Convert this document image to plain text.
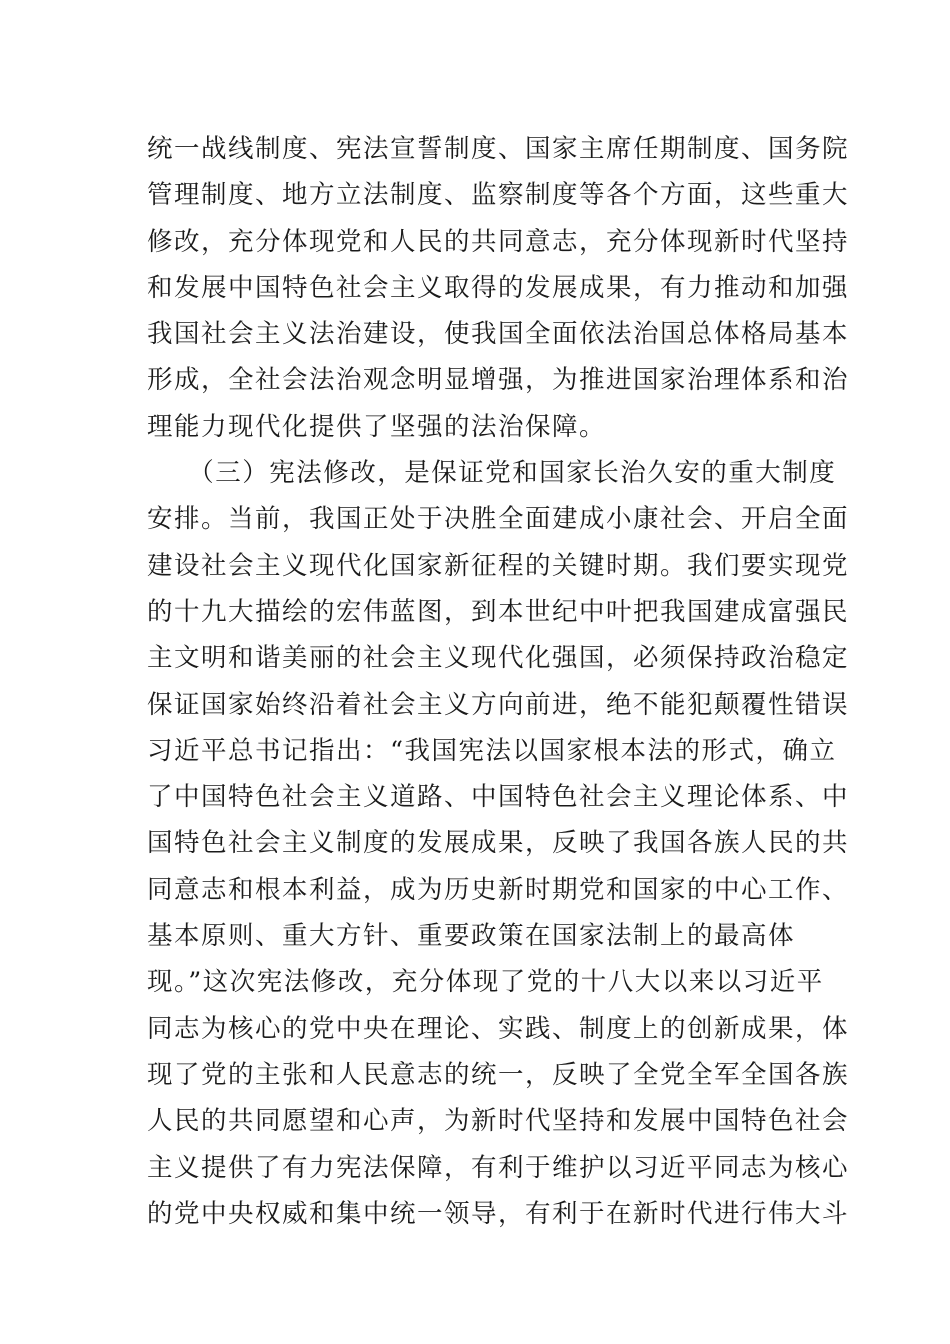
统一战线制度、宪法宣誓制度、国家主席任期制度、国务院
管理制度、地方立法制度、监察制度等各个方面，这些重大
修改，充分体现党和人民的共同意志，充分体现新时代坚持
和发展中国特色社会主义取得的发展成果，有力推动和加强
我国社会主义法治建设，使我国全面依法治国总体格局基本
形成，全社会法治观念明显增强，为推进国家治理体系和治
理能力现代化提供了坚强的法治保障。
　　（三）宪法修改，是保证党和国家长治久安的重大制度
安排。当前，我国正处于决胜全面建成小康社会、开启全面
建设社会主义现代化国家新征程的关键时期。我们要实现党
的十九大描绘的宏伟蓝图，到本世纪中叶把我国建成富强民
主文明和谐美丽的社会主义现代化强国，必须保持政治稳定
保证国家始终沿着社会主义方向前进，绝不能犯颠覆性错误
习近平总书记指出：“我国宪法以国家根本法的形式，确立
了中国特色社会主义道路、中国特色社会主义理论体系、中
国特色社会主义制度的发展成果，反映了我国各族人民的共
同意志和根本利益，成为历史新时期党和国家的中心工作、
基本原则、重大方针、重要政策在国家法制上的最高体
现。”这次宪法修改，充分体现了党的十八大以来以习近平
同志为核心的党中央在理论、实践、制度上的创新成果，体
现了党的主张和人民意志的统一，反映了全党全军全国各族
人民的共同愿望和心声，为新时代坚持和发展中国特色社会
主义提供了有力宪法保障，有利于维护以习近平同志为核心
的党中央权威和集中统一领导，有利于在新时代进行伟大斗
